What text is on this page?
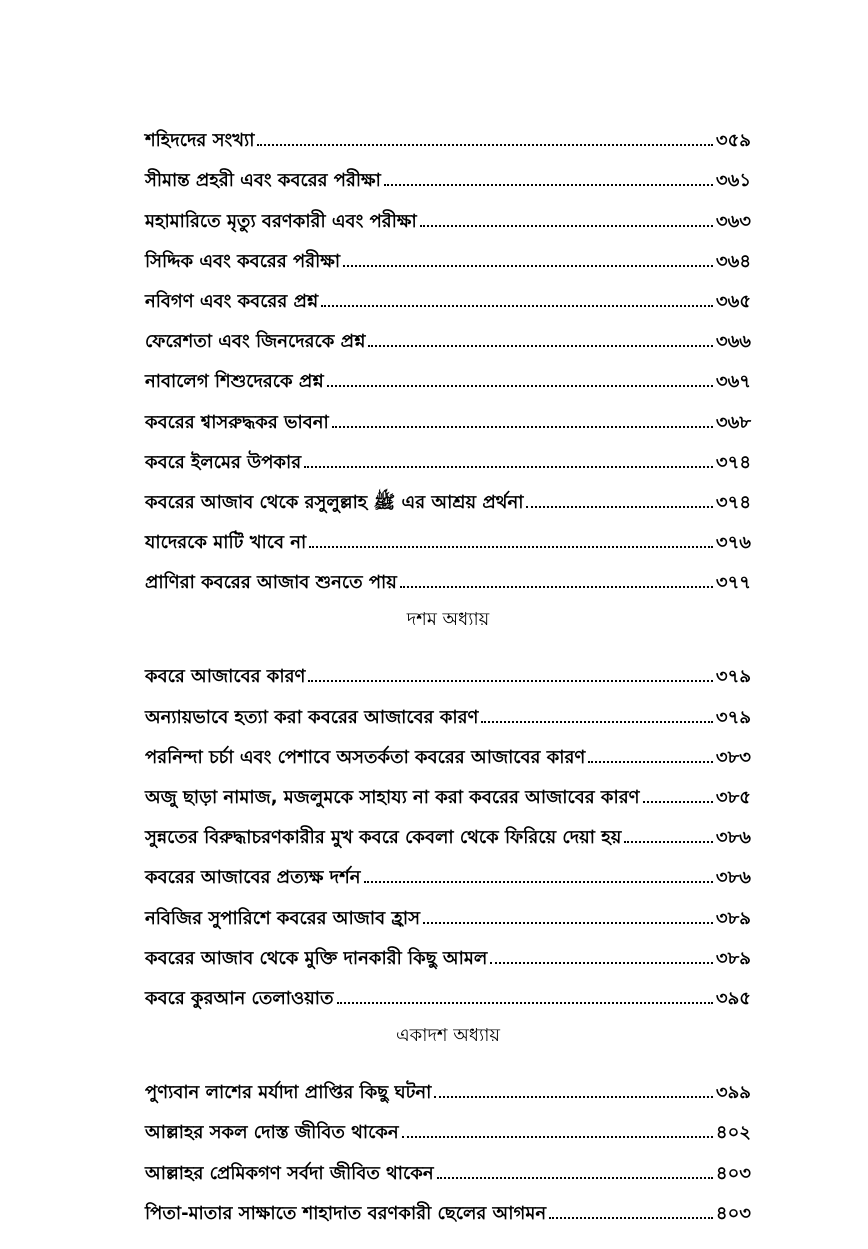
শহিদদের সংখ্যা	৩৫৯
সীমান্ত প্রহরী এবং কবরের পরীক্ষা	৩৬১
মহামারিতে মৃত্যু বরণকারী এবং পরীক্ষা	৩৬৩
সিদ্দিক এবং কবরের পরীক্ষা	৩৬৪
নবিগণ এবং কবরের প্রশ্ন	৩৬৫
ফেরেশতা এবং জিনদেরকে প্রশ্ন	৩৬৬
নাবালেগ শিশুদেরকে প্রশ্ন	৩৬৭
কবরের শ্বাসরুদ্ধকর ভাবনা	৩৬৮
কবরে ইলমের উপকার	৩৭৪
কবরের আজাব থেকে রসুলুল্লাহ ﷺ এর আশ্রয় প্রর্থনা	৩৭৪
যাদেরকে মাটি খাবে না	৩৭৬
প্রাণিরা কবরের আজাব শুনতে পায়	৩৭৭
দশম অধ্যায়
কবরে আজাবের কারণ	৩৭৯
অন্যায়ভাবে হত্যা করা কবরের আজাবের কারণ	৩৭৯
পরনিন্দা চর্চা এবং পেশাবে অসতর্কতা কবরের আজাবের কারণ	৩৮৩
অজু ছাড়া নামাজ, মজলুমকে সাহায্য না করা কবরের আজাবের কারণ	৩৮৫
সুন্নতের বিরুদ্ধাচরণকারীর মুখ কবরে কেবলা থেকে ফিরিয়ে দেয়া হয়	৩৮৬
কবরের আজাবের প্রত্যক্ষ দর্শন	৩৮৬
নবিজির সুপারিশে কবরের আজাব হ্রাস	৩৮৯
কবরের আজাব থেকে মুক্তি দানকারী কিছু আমল	৩৮৯
কবরে কুরআন তেলাওয়াত	৩৯৫
একাদশ অধ্যায়
পুণ্যবান লাশের মর্যাদা প্রাপ্তির কিছু ঘটনা	৩৯৯
আল্লাহর সকল দোস্ত জীবিত থাকেন	৪০২
আল্লাহর প্রেমিকগণ সর্বদা জীবিত থাকেন	৪০৩
পিতা-মাতার সাক্ষাতে শাহাদাত বরণকারী ছেলের আগমন	৪০৩
